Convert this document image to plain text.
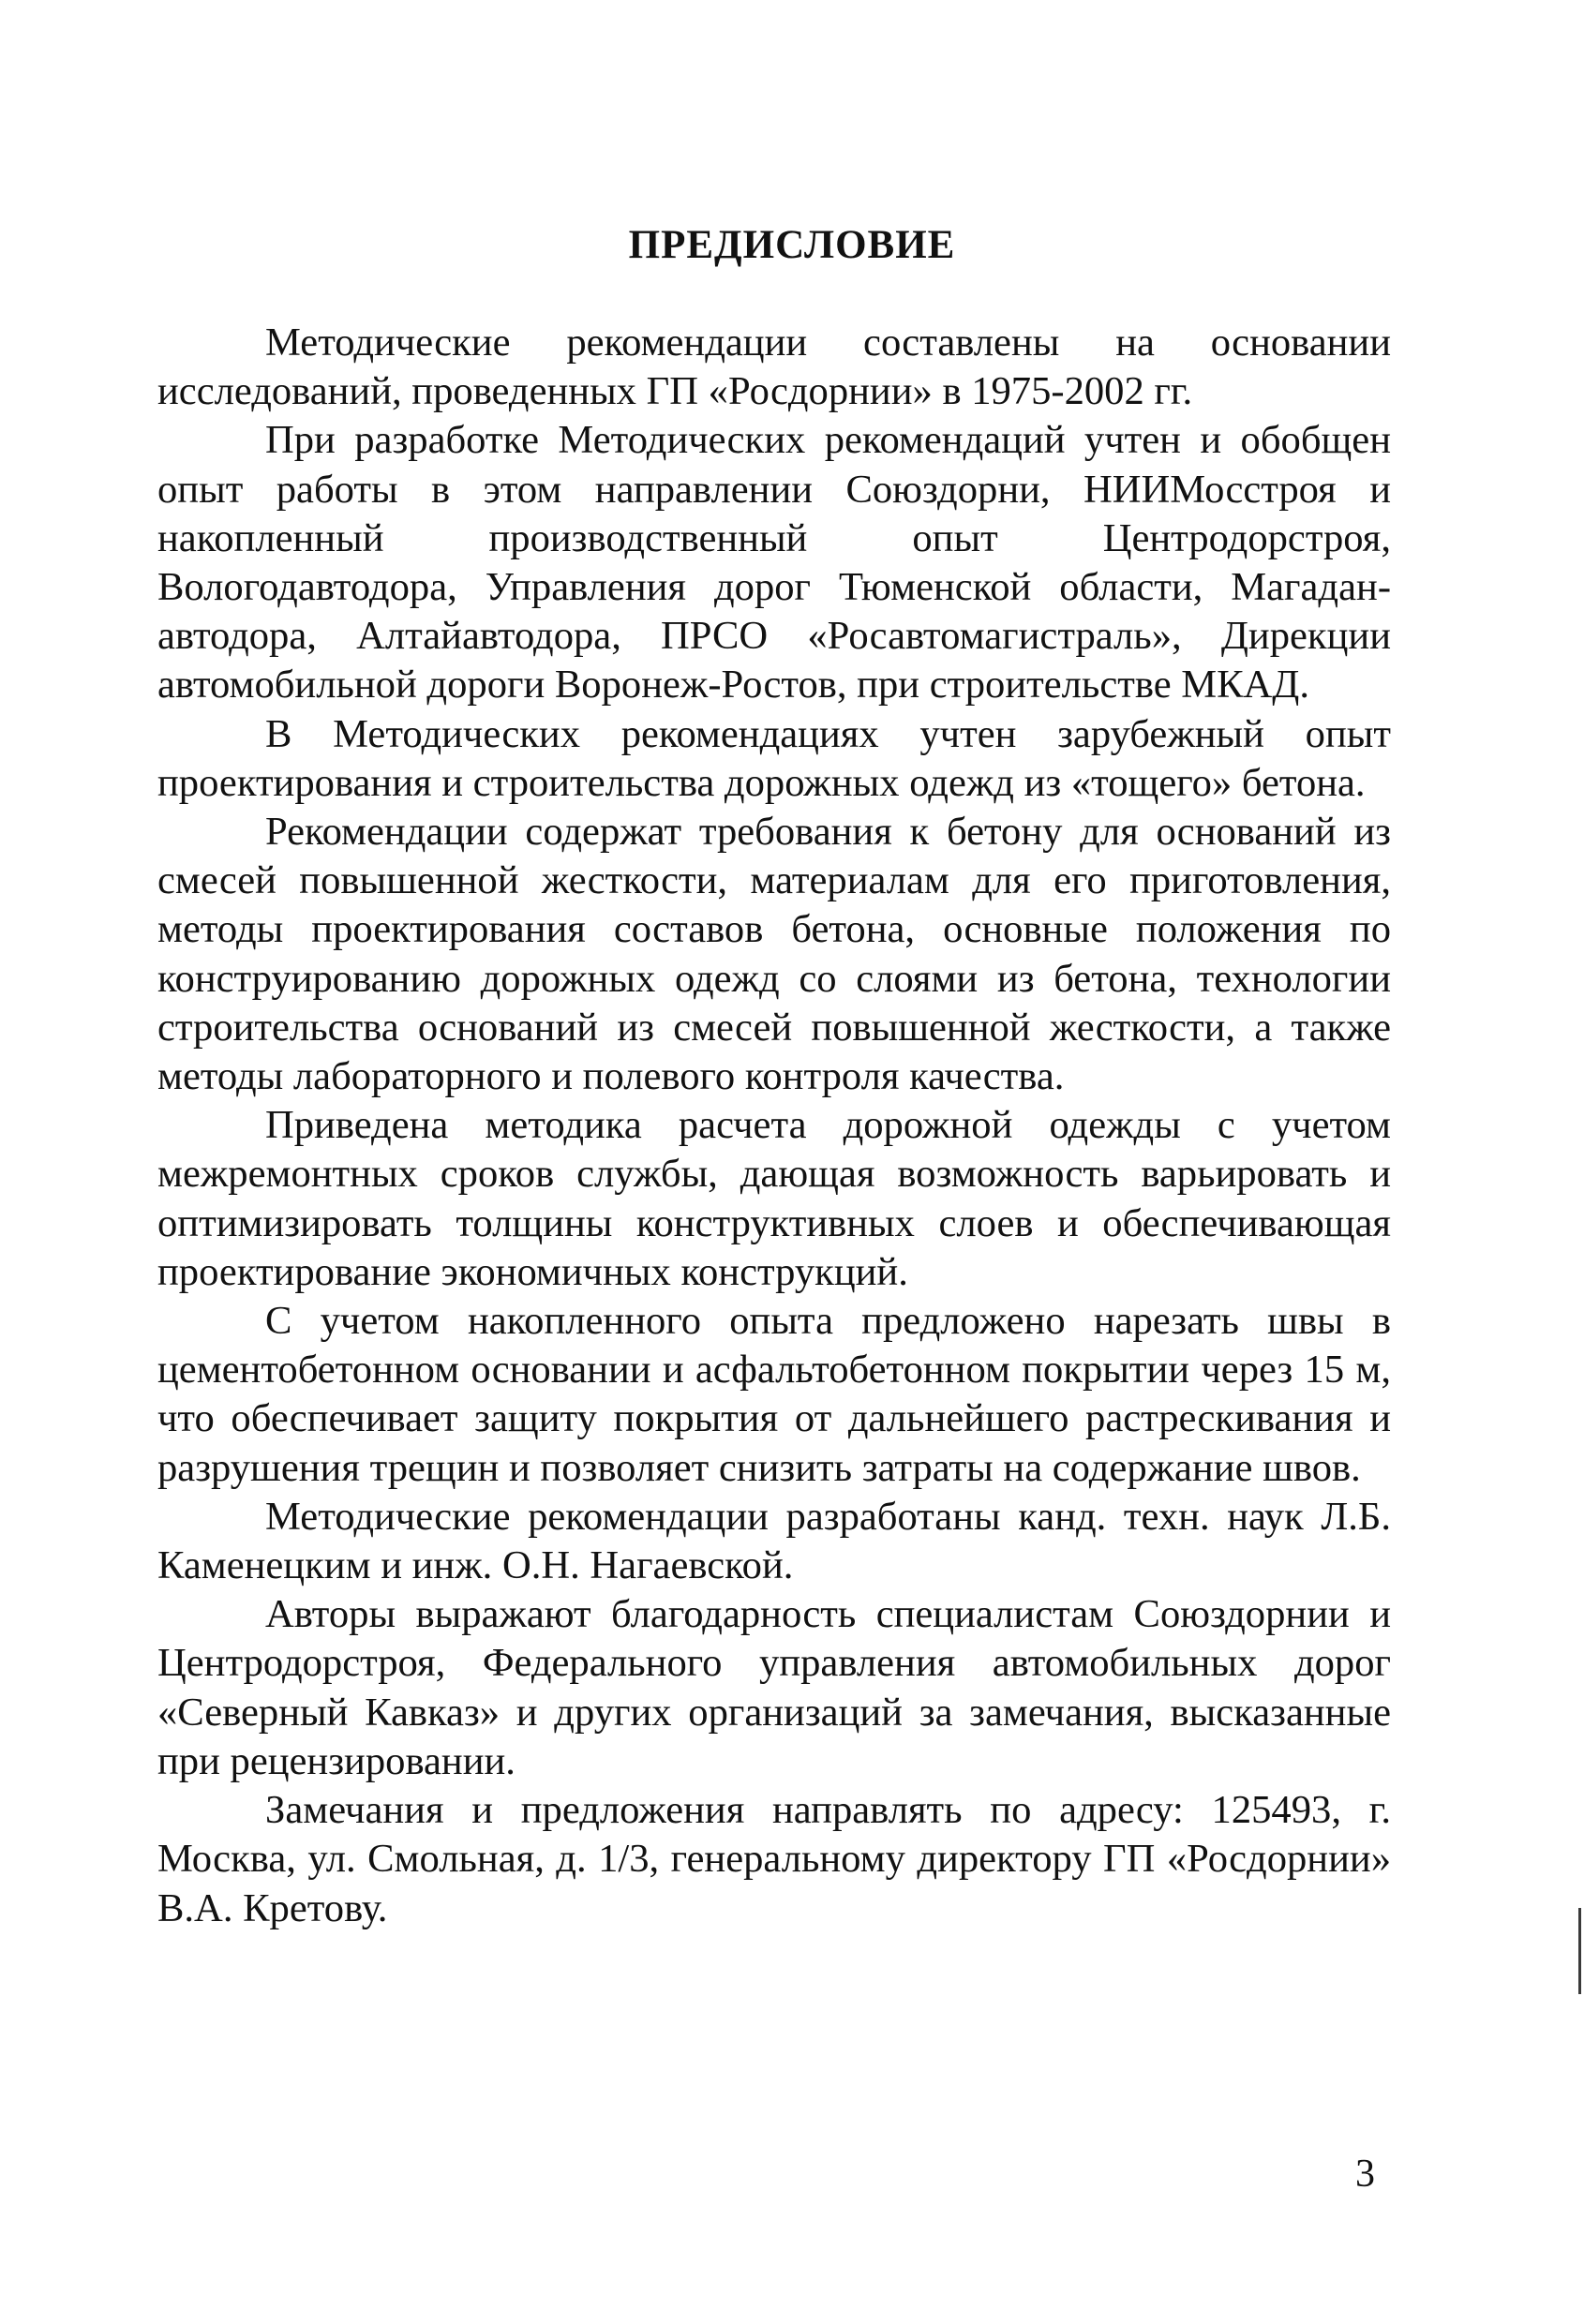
ПРЕДИСЛОВИЕ

Методические рекомендации составлены на основании исследований, проведенных ГП «Росдорнии» в 1975-2002 гг.

При разработке Методических рекомендаций учтен и обобщен опыт работы в этом направлении Союздорни, НИИМосстроя и накопленный производственный опыт Центродорстроя, Вологодавтодора, Управления дорог Тюменской области, Магаданавтодора, Алтайавтодора, ПРСО «Росавтомагистраль», Дирекции автомобильной дороги Воронеж-Ростов, при строительстве МКАД.

В Методических рекомендациях учтен зарубежный опыт проектирования и строительства дорожных одежд из «тощего» бетона.

Рекомендации содержат требования к бетону для оснований из смесей повышенной жесткости, материалам для его приготовления, методы проектирования составов бетона, основные положения по конструированию дорожных одежд со слоями из бетона, технологии строительства оснований из смесей повышенной жесткости, а также методы лабораторного и полевого контроля качества.

Приведена методика расчета дорожной одежды с учетом межремонтных сроков службы, дающая возможность варьировать и оптимизировать толщины конструктивных слоев и обеспечивающая проектирование экономичных конструкций.

С учетом накопленного опыта предложено нарезать швы в цементобетонном основании и асфальтобетонном покрытии через 15 м, что обеспечивает защиту покрытия от дальнейшего растрескивания и разрушения трещин и позволяет снизить затраты на содержание швов.

Методические рекомендации разработаны канд. техн. наук Л.Б. Каменецким и инж. О.Н. Нагаевской.

Авторы выражают благодарность специалистам Союздорнии и Центродорстроя, Федерального управления автомобильных дорог «Северный Кавказ» и других организаций за замечания, высказанные при рецензировании.

Замечания и предложения направлять по адресу: 125493, г. Москва, ул. Смольная, д. 1/3, генеральному директору ГП «Росдорнии» В.А. Кретову.

3
